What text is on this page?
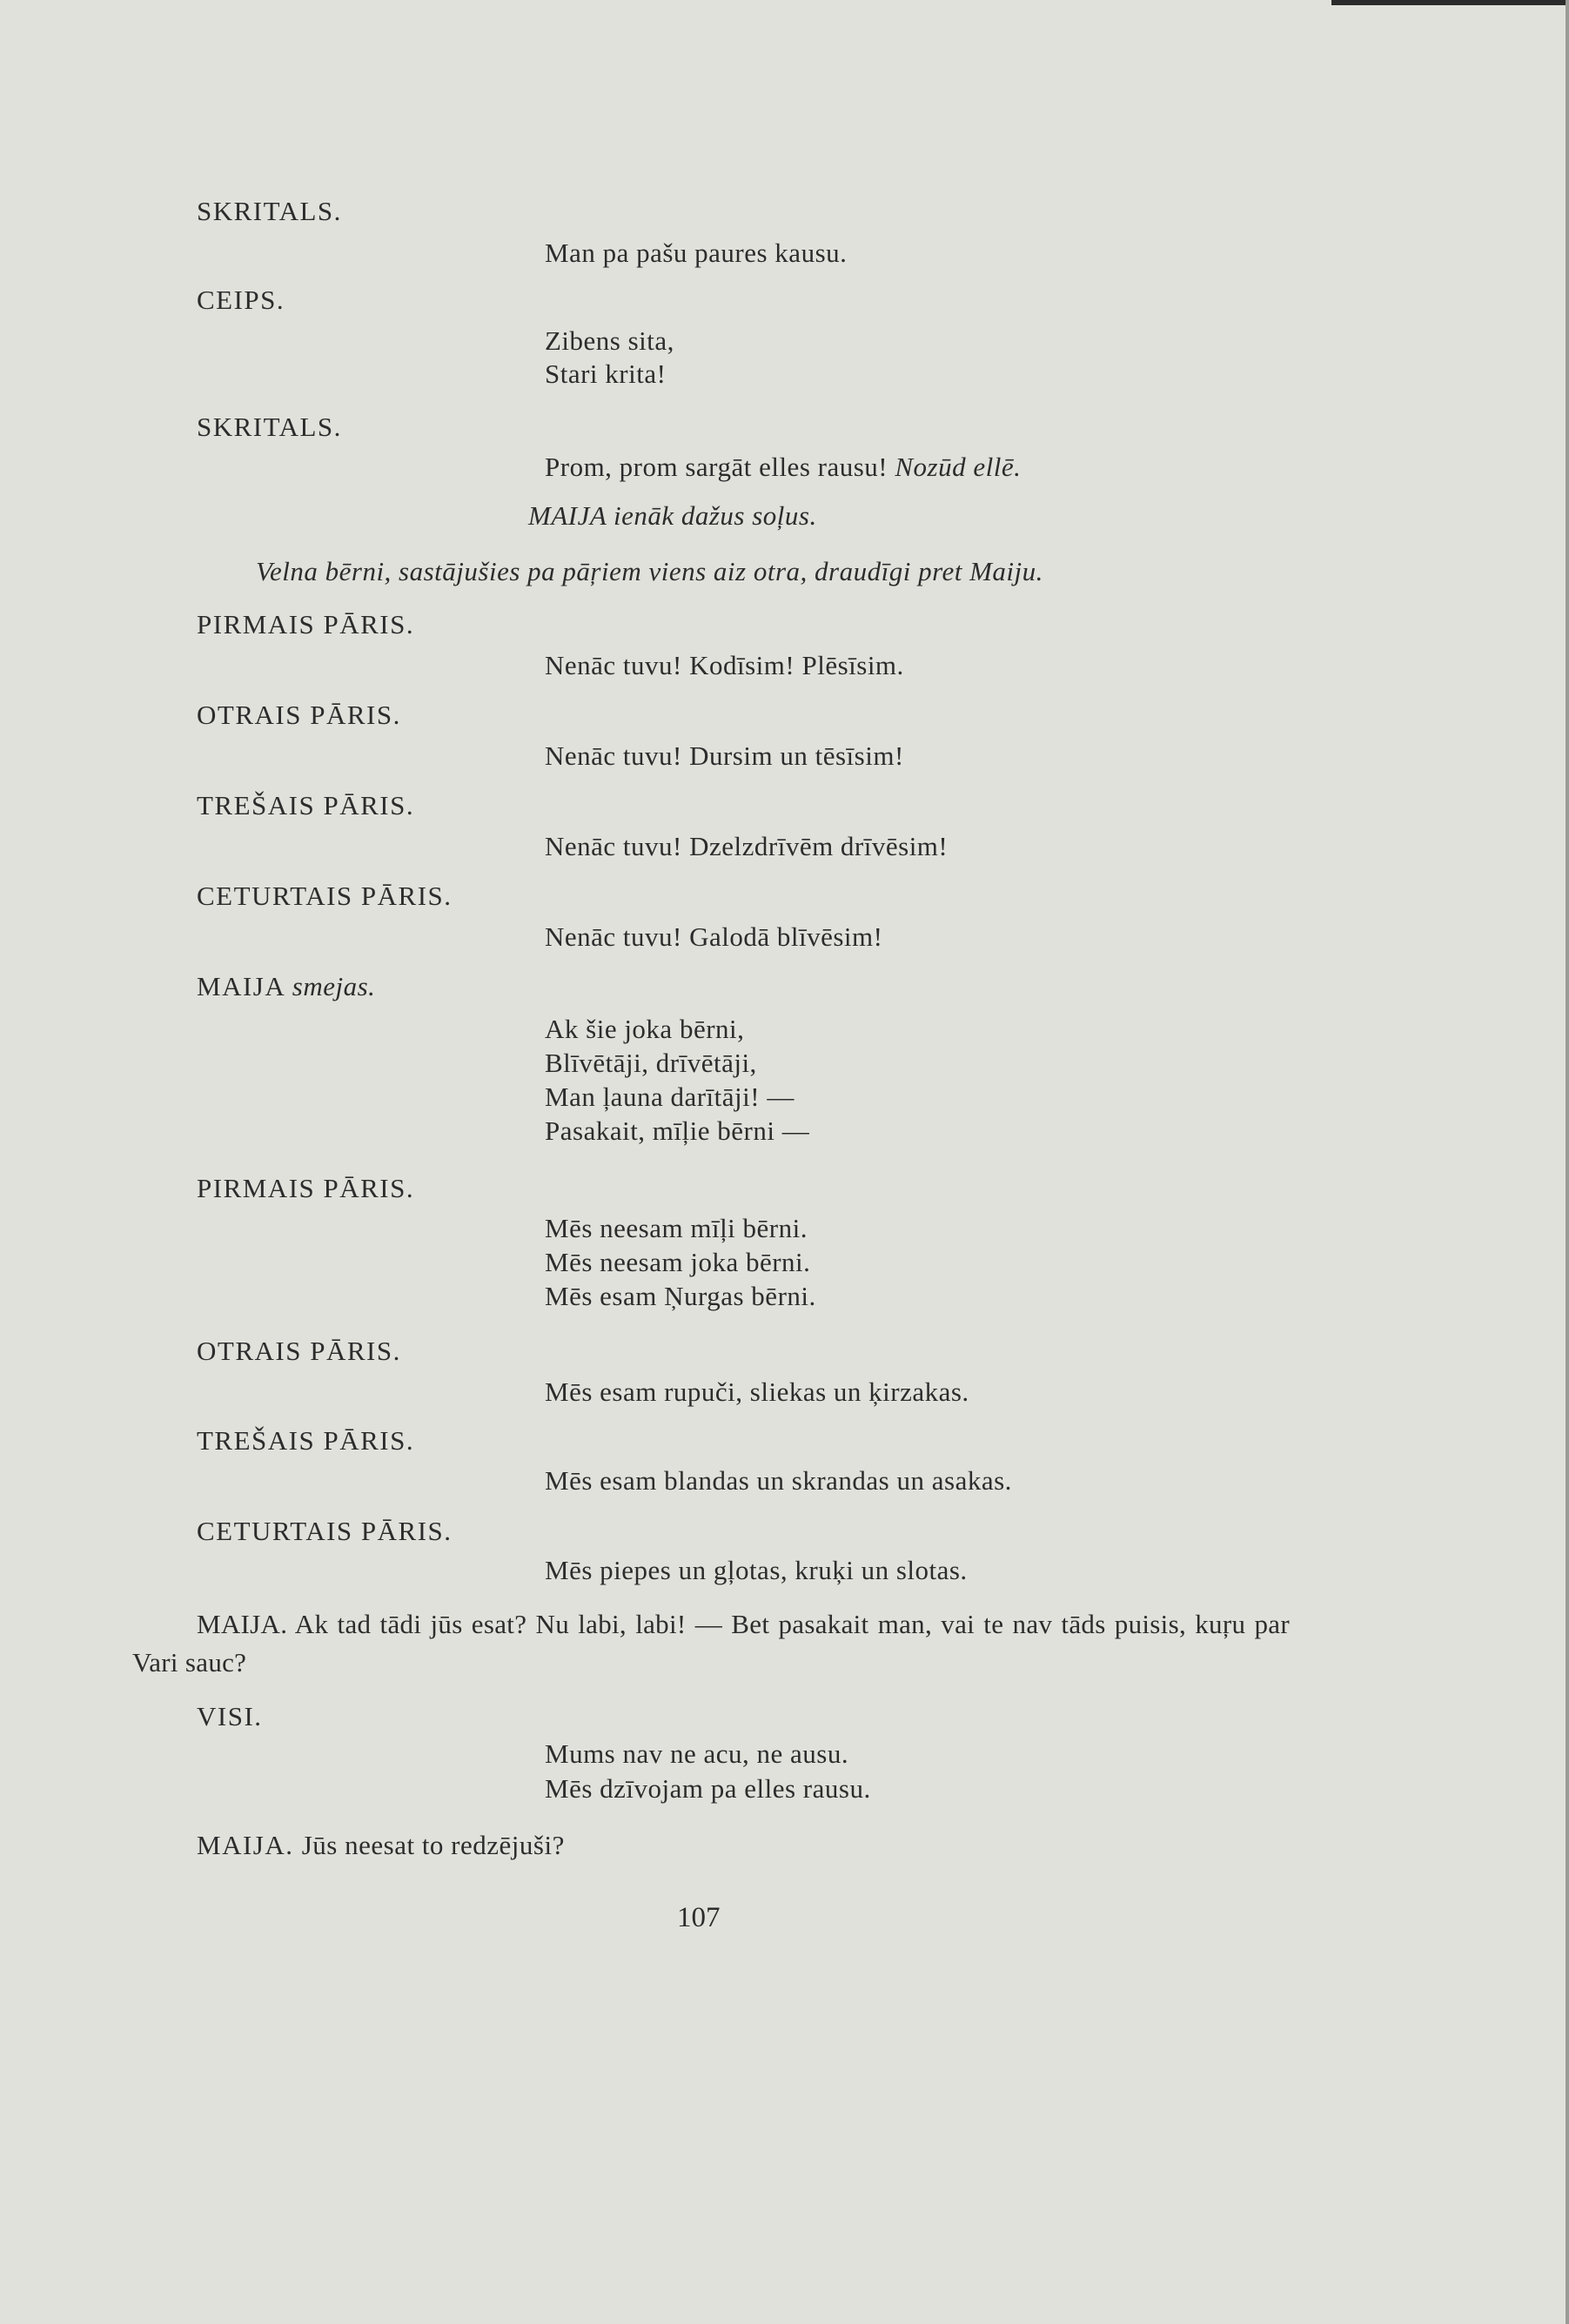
SKRITALS.
Man pa pašu paures kausu.
CEIPS.
Zibens sita,
Stari krita!
SKRITALS.
Prom, prom sargāt elles rausu! Nozūd ellē.
MAIJA ienāk dažus soļus.
Velna bērni, sastājušies pa pāŗiem viens aiz otra, draudīgi pret Maiju.
PIRMAIS PĀRIS.
Nenāc tuvu! Kodīsim! Plēsīsim.
OTRAIS PĀRIS.
Nenāc tuvu! Dursim un tēsīsim!
TREŠAIS PĀRIS.
Nenāc tuvu! Dzelzdrīvēm drīvēsim!
CETURTAIS PĀRIS.
Nenāc tuvu! Galodā blīvēsim!
MAIJA smejas.
Ak šie joka bērni,
Blīvētāji, drīvētāji,
Man ļauna darītāji! —
Pasakait, mīļie bērni —
PIRMAIS PĀRIS.
Mēs neesam mīļi bērni.
Mēs neesam joka bērni.
Mēs esam Ņurgas bērni.
OTRAIS PĀRIS.
Mēs esam rupuči, sliekas un ķirzakas.
TREŠAIS PĀRIS.
Mēs esam blandas un skrandas un asakas.
CETURTAIS PĀRIS.
Mēs piepes un gļotas, kruķi un slotas.
MAIJA. Ak tad tādi jūs esat? Nu labi, labi! — Bet pasakait man, vai te nav tāds puisis, kuŗu par Vari sauc?
VISI.
Mums nav ne acu, ne ausu.
Mēs dzīvojam pa elles rausu.
MAIJA. Jūs neesat to redzējuši?
107
